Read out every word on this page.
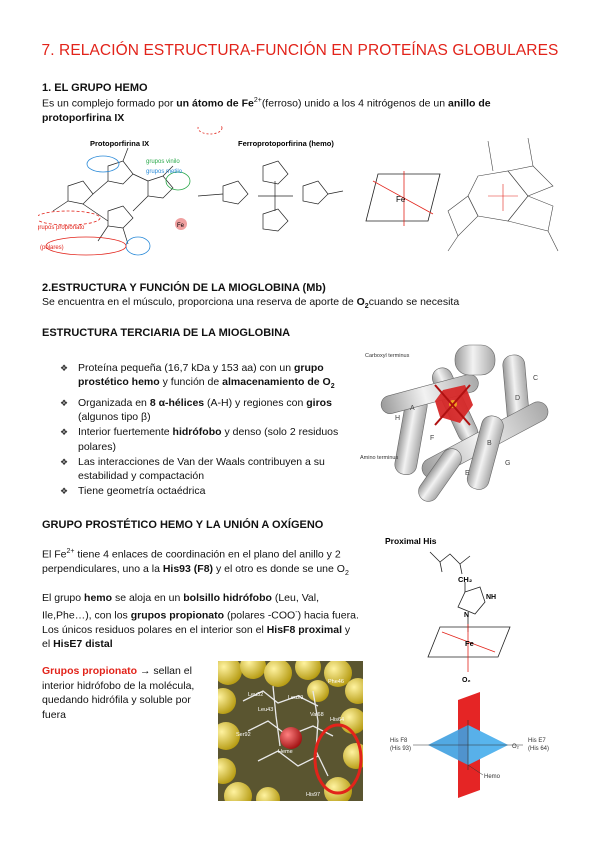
7. RELACIÓN ESTRUCTURA-FUNCIÓN EN PROTEÍNAS GLOBULARES
1. EL GRUPO HEMO
Es un complejo formado por un átomo de $Fe^{2+}(ferroso)$ unido a los 4 nitrógenos de un anillo de protoporfirina IX
Protoporfirina IX	Ferroprotoporfirina (hemo)
grupos vinilo
grupos metilo
grupos propionato
(polares)
Fe
Fe
2.ESTRUCTURA Y FUNCIÓN DE LA MIOGLOBINA (Mb)
Se encuentra en el músculo, proporciona una reserva de aporte de $O_2cuando$ se necesita
ESTRUCTURA TERCIARIA DE LA MIOGLOBINA
❖ Proteína pequeña (16,7 kDa y 153 aa) con un grupo prostético hemo y función de almacenamiento de $O_2$
❖ Organizada en 8 α-hélices (A-H) y regiones con giros (algunos tipo β)
❖ Interior fuertemente hidrófobo y denso (solo 2 residuos polares)
❖ Las interacciones de Van der Waals contribuyen a su estabilidad y compactación
❖ Tiene geometría octaédrica
Carboxyl terminus
Amino terminus
A
B
C
D
E
F
G
H
GRUPO PROSTÉTICO HEMO Y LA UNIÓN A OXÍGENO
El $Fe^{2+}$ tiene 4 enlaces de coordinación en el plano del anillo y 2 perpendiculares, uno a la His93 (F8) y el otro es donde se une $O_2$
El grupo hemo se aloja en un bolsillo hidrófobo (Leu, Val, Ile,Phe…), con los grupos propionato (polares -COO-) hacia fuera. Los únicos residuos polares en el interior son el HisF8 proximal y el HisE7 distal
Grupos propionato → sellan el interior hidrófobo de la molécula, quedando hidrófila y soluble por fuera
Proximal His
CH₂
NH
N
Fe
O₂
Phe46
Leu29
Val68
His64
Leu32
Leu43
Heme
Ser92
His97
His F8
(His 93)
His E7
(His 64)
O₂
Hemo
